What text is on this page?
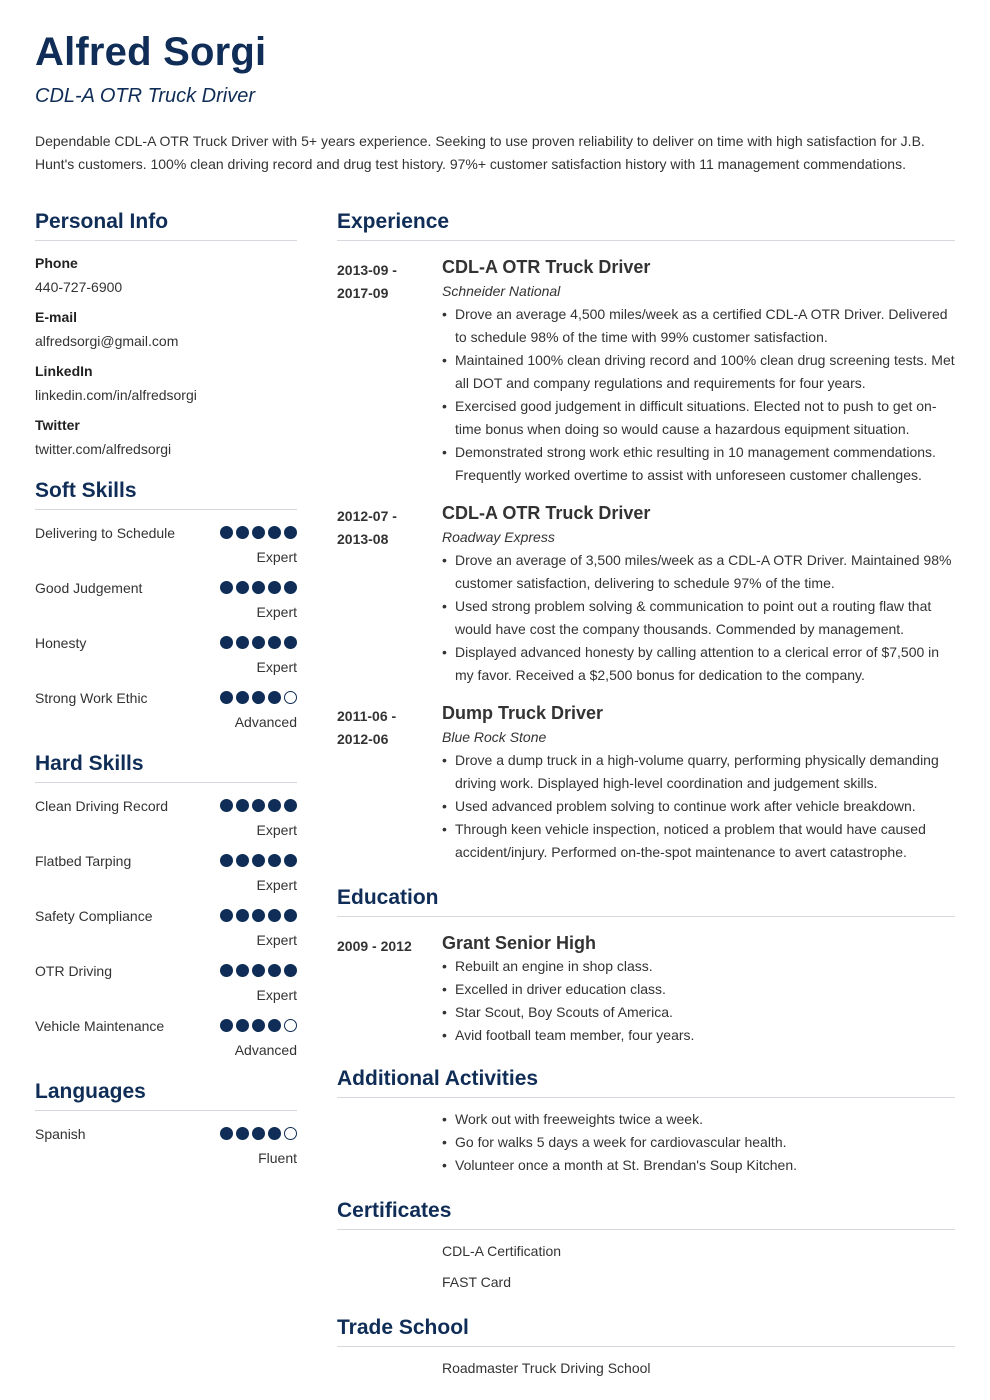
Alfred Sorgi
CDL-A OTR Truck Driver

Dependable CDL-A OTR Truck Driver with 5+ years experience. Seeking to use proven reliability to deliver on time with high satisfaction for J.B. Hunt's customers. 100% clean driving record and drug test history. 97%+ customer satisfaction history with 11 management commendations.

Personal Info
Phone
440-727-6900
E-mail
alfredsorgi@gmail.com
LinkedIn
linkedin.com/in/alfredsorgi
Twitter
twitter.com/alfredsorgi
Soft Skills
Delivering to Schedule
Expert
Good Judgement
Expert
Honesty
Expert
Strong Work Ethic
Advanced
Hard Skills
Clean Driving Record
Expert
Flatbed Tarping
Expert
Safety Compliance
Expert
OTR Driving
Expert
Vehicle Maintenance
Advanced
Languages
Spanish
Fluent
Experience
2013-09 - 2017-09
CDL-A OTR Truck Driver
Schneider National
• Drove an average 4,500 miles/week as a certified CDL-A OTR Driver. Delivered to schedule 98% of the time with 99% customer satisfaction.
• Maintained 100% clean driving record and 100% clean drug screening tests. Met all DOT and company regulations and requirements for four years.
• Exercised good judgement in difficult situations. Elected not to push to get on-time bonus when doing so would cause a hazardous equipment situation.
• Demonstrated strong work ethic resulting in 10 management commendations. Frequently worked overtime to assist with unforeseen customer challenges.
2012-07 - 2013-08
CDL-A OTR Truck Driver
Roadway Express
• Drove an average of 3,500 miles/week as a CDL-A OTR Driver. Maintained 98% customer satisfaction, delivering to schedule 97% of the time.
• Used strong problem solving & communication to point out a routing flaw that would have cost the company thousands. Commended by management.
• Displayed advanced honesty by calling attention to a clerical error of $7,500 in my favor. Received a $2,500 bonus for dedication to the company.
2011-06 - 2012-06
Dump Truck Driver
Blue Rock Stone
• Drove a dump truck in a high-volume quarry, performing physically demanding driving work. Displayed high-level coordination and judgement skills.
• Used advanced problem solving to continue work after vehicle breakdown.
• Through keen vehicle inspection, noticed a problem that would have caused accident/injury. Performed on-the-spot maintenance to avert catastrophe.
Education
2009 - 2012	Grant Senior High
• Rebuilt an engine in shop class.
• Excelled in driver education class.
• Star Scout, Boy Scouts of America.
• Avid football team member, four years.
Additional Activities
• Work out with freeweights twice a week.
• Go for walks 5 days a week for cardiovascular health.
• Volunteer once a month at St. Brendan's Soup Kitchen.
Certificates
CDL-A Certification
FAST Card
Trade School
Roadmaster Truck Driving School
